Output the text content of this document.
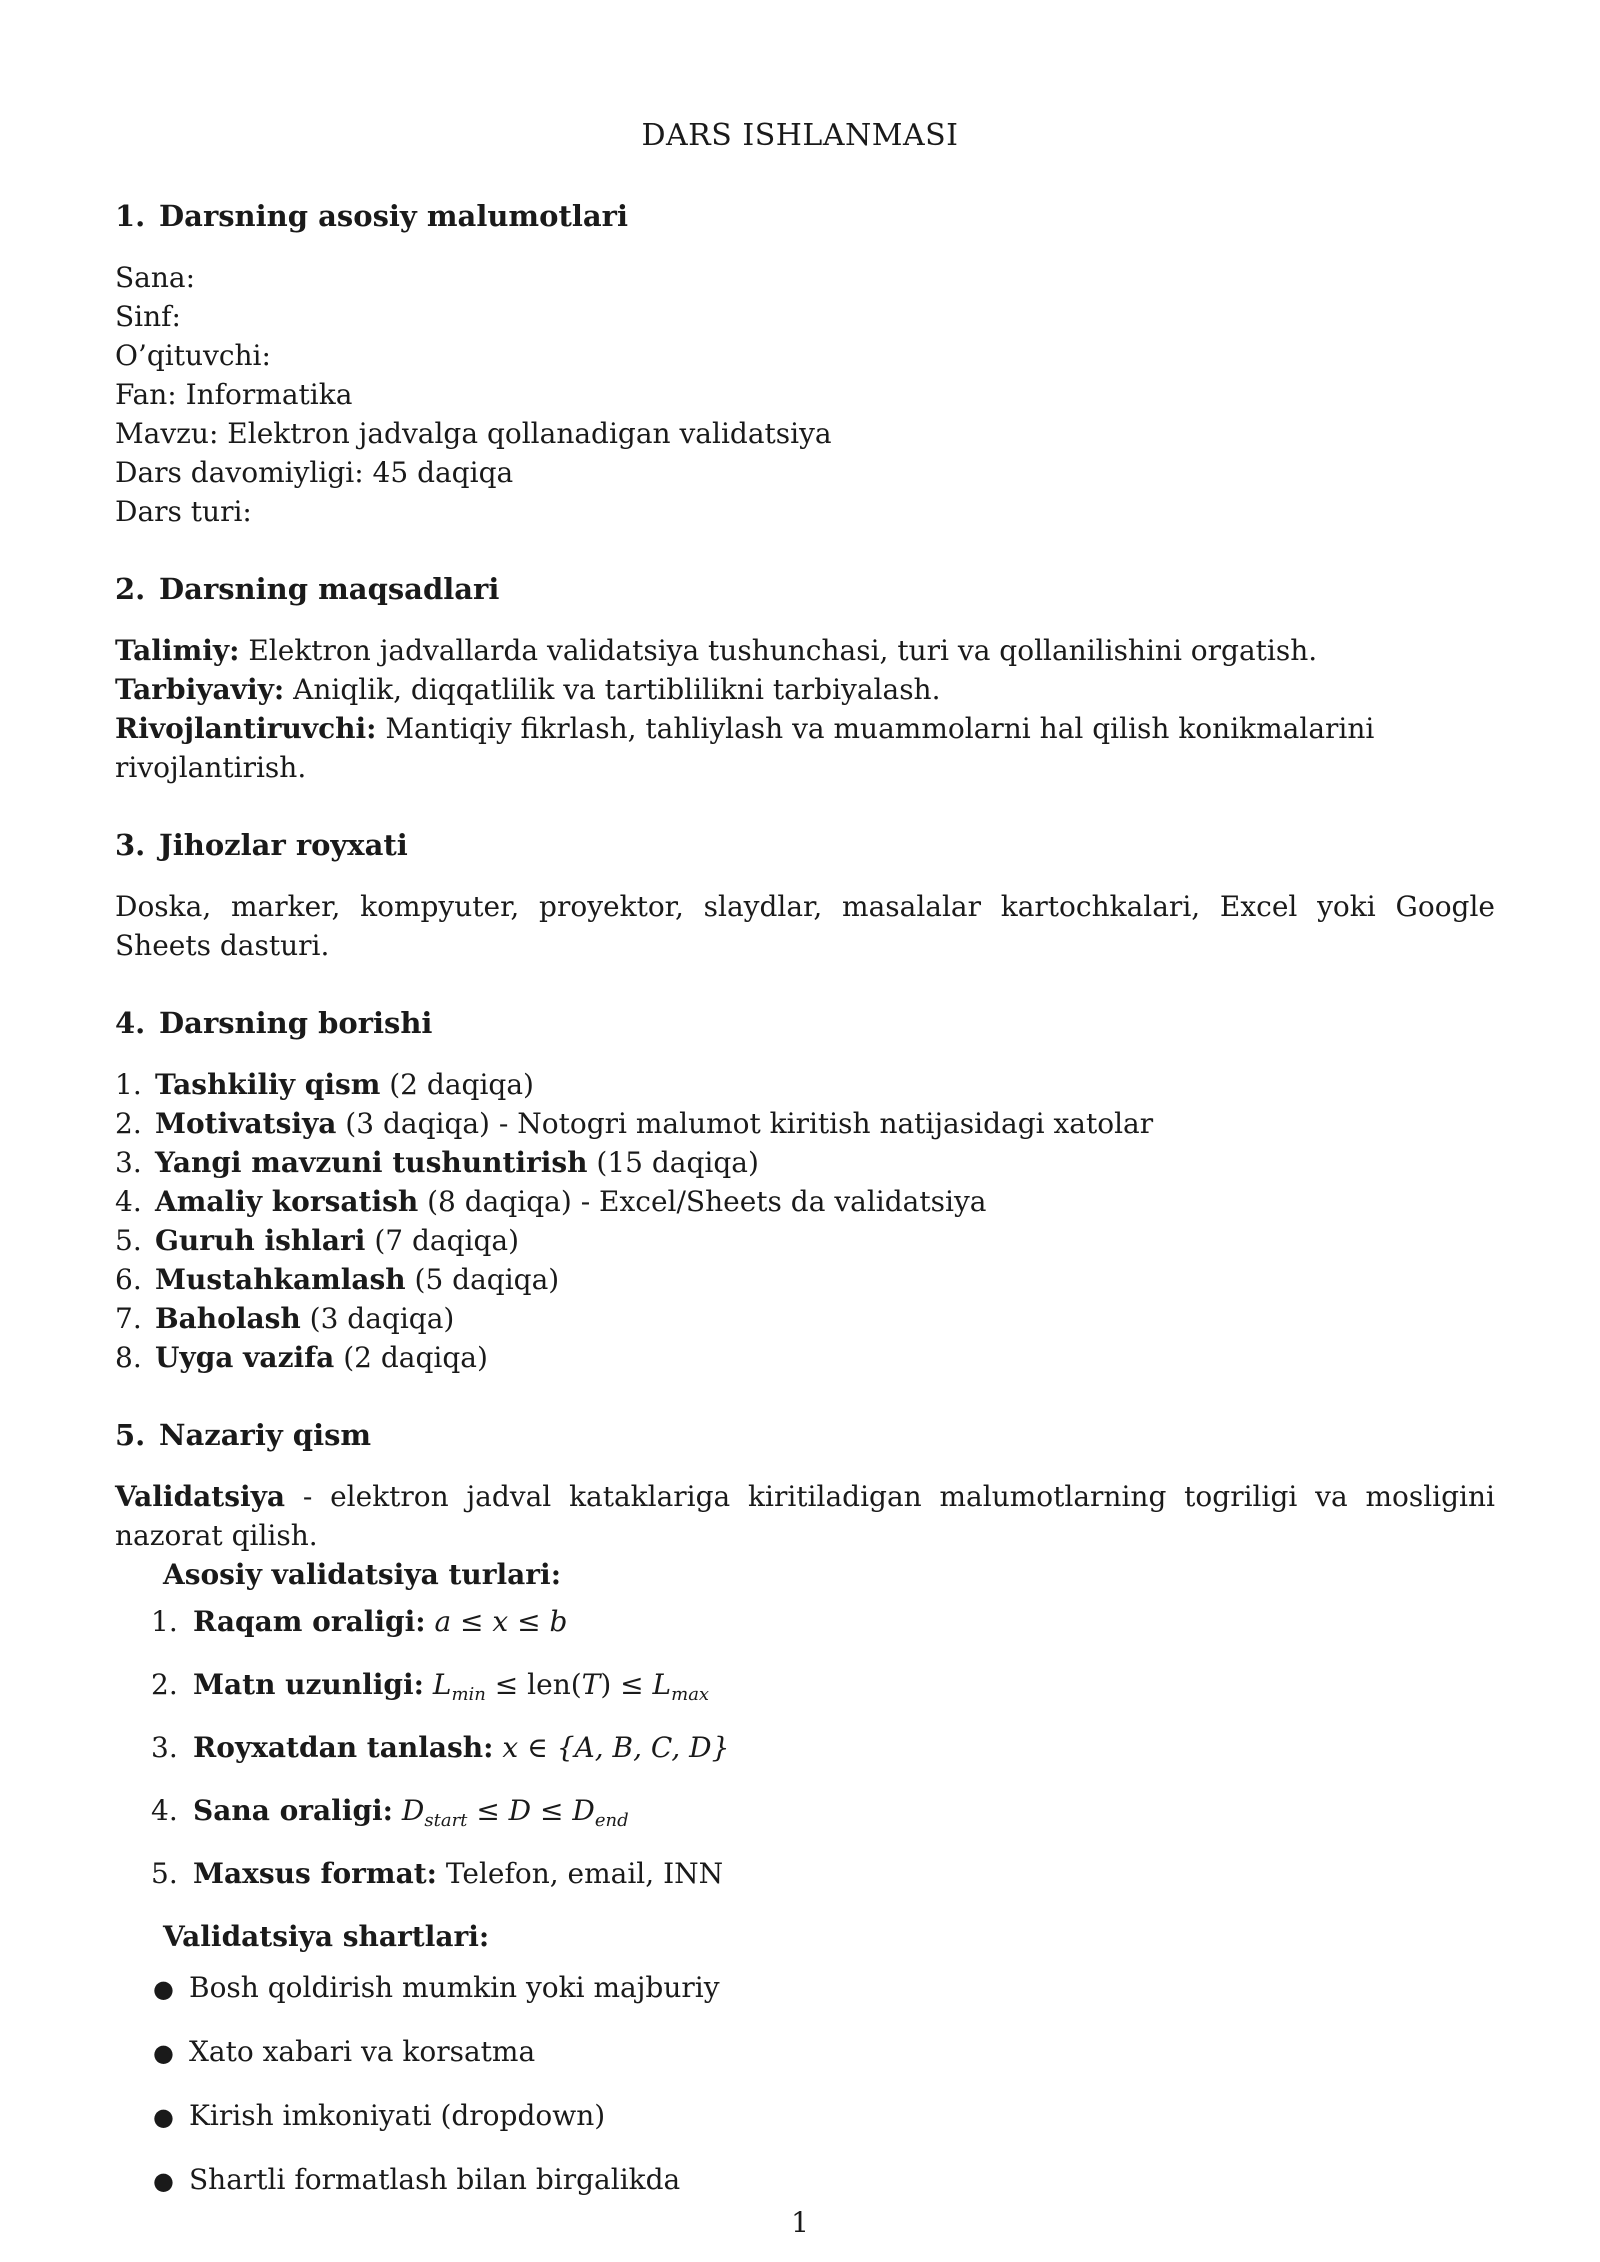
DARS ISHLANMASI
1. Darsning asosiy malumotlari
Sana:
Sinf:
O’qituvchi:
Fan: Informatika
Mavzu: Elektron jadvalga qollanadigan validatsiya
Dars davomiyligi: 45 daqiqa
Dars turi:
2. Darsning maqsadlari
Talimiy: Elektron jadvallarda validatsiya tushunchasi, turi va qollanilishini orgatish.
Tarbiyaviy: Aniqlik, diqqatlilik va tartiblilikni tarbiyalash.
Rivojlantiruvchi: Mantiqiy fikrlash, tahliylash va muammolarni hal qilish konikmalarini rivojlantirish.
3. Jihozlar royxati

Doska, marker, kompyuter, proyektor, slaydlar, masalalar kartochkalari, Excel yoki Google Sheets dasturi.

4. Darsning borishi
1. Tashkiliy qism (2 daqiqa)
2. Motivatsiya (3 daqiqa) - Notogri malumot kiritish natijasidagi xatolar
3. Yangi mavzuni tushuntirish (15 daqiqa)
4. Amaliy korsatish (8 daqiqa) - Excel/Sheets da validatsiya
5. Guruh ishlari (7 daqiqa)
6. Mustahkamlash (5 daqiqa)
7. Baholash (3 daqiqa)
8. Uyga vazifa (2 daqiqa)
5. Nazariy qism

Validatsiya - elektron jadval kataklariga kiritiladigan malumotlarning togriligi va mosligini nazorat qilish.

Asosiy validatsiya turlari:
1. Raqam oraligi: a ≤ x ≤ b
2. Matn uzunligi: $L_{min} \le len(T) \le L_{max}$
3. Royxatdan tanlash: x ∈ {A, B, C, D}
4. Sana oraligi: $D_{start} \le D \le D_{end}$
5. Maxsus format: Telefon, email, INN
Validatsiya shartlari:
● Bosh qoldirish mumkin yoki majburiy
● Xato xabari va korsatma
● Kirish imkoniyati (dropdown)
● Shartli formatlash bilan birgalikda
1
